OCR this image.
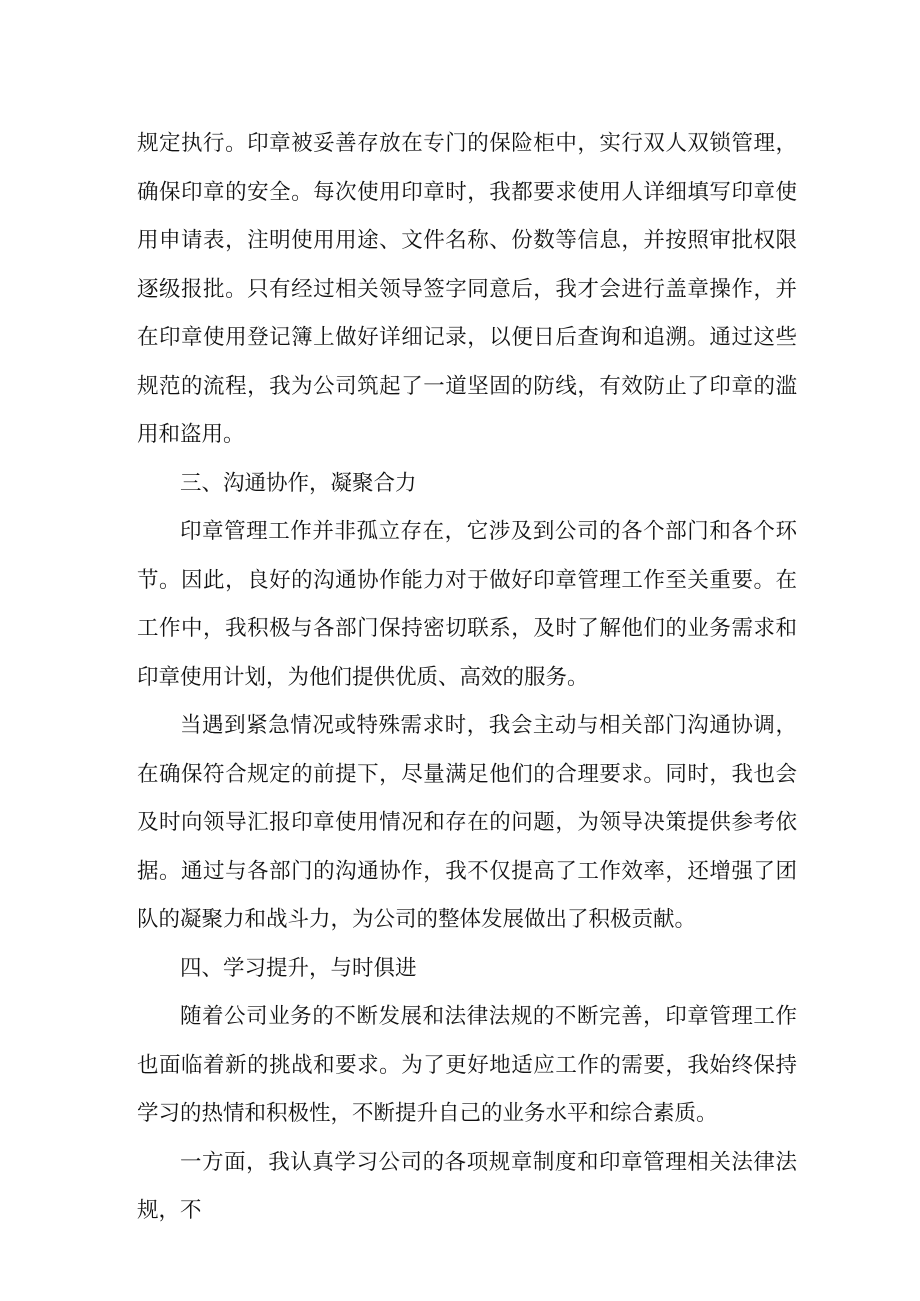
规定执行。印章被妥善存放在专门的保险柜中，实行双人双锁管理，确保印章的安全。每次使用印章时，我都要求使用人详细填写印章使用申请表，注明使用用途、文件名称、份数等信息，并按照审批权限逐级报批。只有经过相关领导签字同意后，我才会进行盖章操作，并在印章使用登记簿上做好详细记录，以便日后查询和追溯。通过这些规范的流程，我为公司筑起了一道坚固的防线，有效防止了印章的滥用和盗用。

三、沟通协作，凝聚合力

印章管理工作并非孤立存在，它涉及到公司的各个部门和各个环节。因此，良好的沟通协作能力对于做好印章管理工作至关重要。在工作中，我积极与各部门保持密切联系，及时了解他们的业务需求和印章使用计划，为他们提供优质、高效的服务。

当遇到紧急情况或特殊需求时，我会主动与相关部门沟通协调，在确保符合规定的前提下，尽量满足他们的合理要求。同时，我也会及时向领导汇报印章使用情况和存在的问题，为领导决策提供参考依据。通过与各部门的沟通协作，我不仅提高了工作效率，还增强了团队的凝聚力和战斗力，为公司的整体发展做出了积极贡献。

四、学习提升，与时俱进

随着公司业务的不断发展和法律法规的不断完善，印章管理工作也面临着新的挑战和要求。为了更好地适应工作的需要，我始终保持学习的热情和积极性，不断提升自己的业务水平和综合素质。

一方面，我认真学习公司的各项规章制度和印章管理相关法律法规，不
